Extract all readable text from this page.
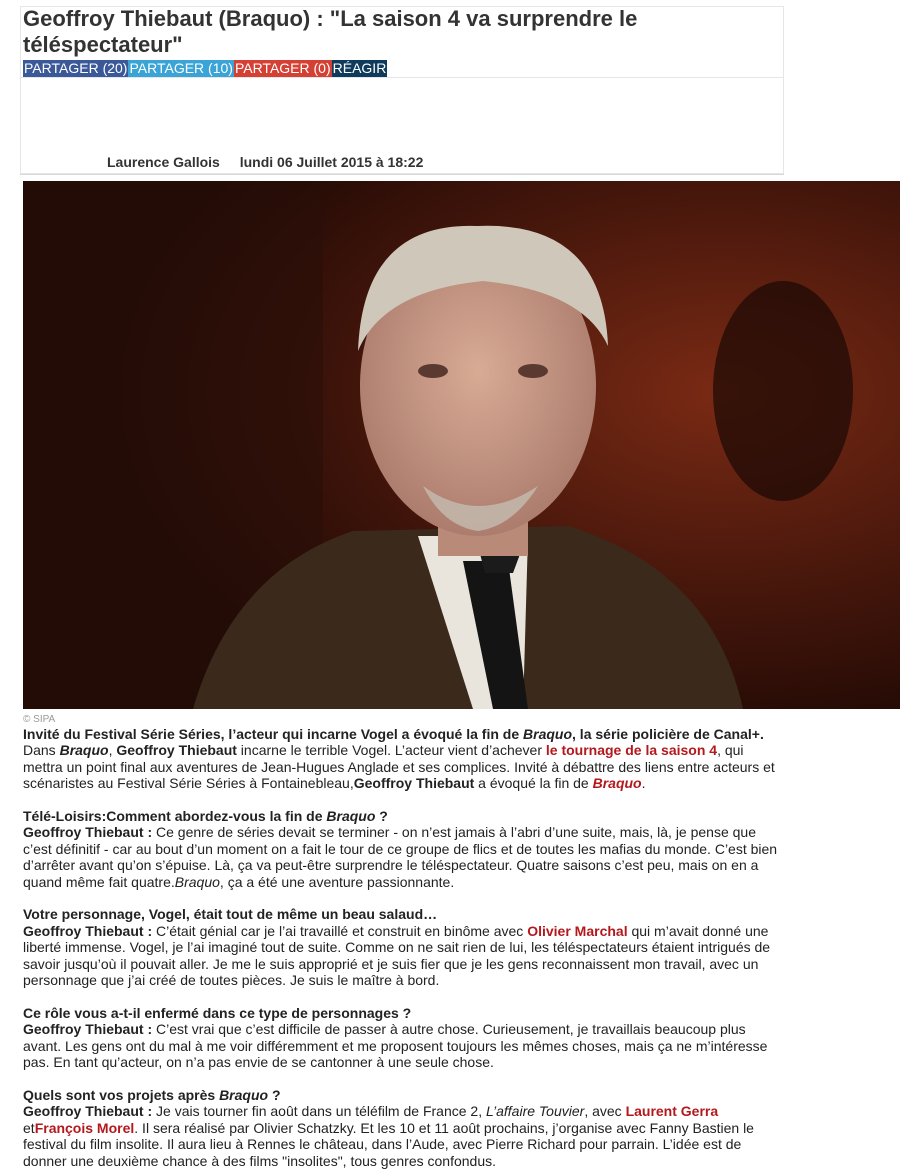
Geoffroy Thiebaut (Braquo) : "La saison 4 va surprendre le téléspectateur"
PARTAGER (20) PARTAGER (10) PARTAGER (0) RÉAGIR
Laurence Gallois lundi 06 Juillet 2015 à 18:22
© SIPA

Invité du Festival Série Séries, l’acteur qui incarne Vogel a évoqué la fin de Braquo, la série policière de Canal+.

Dans Braquo, Geoffroy Thiebaut incarne le terrible Vogel. L’acteur vient d’achever le tournage de la saison 4, qui mettra un point final aux aventures de Jean-Hugues Anglade et ses complices. Invité à débattre des liens entre acteurs et scénaristes au Festival Série Séries à Fontainebleau,Geoffroy Thiebaut a évoqué la fin de Braquo.

Télé-Loisirs:Comment abordez-vous la fin de Braquo ?

Geoffroy Thiebaut : Ce genre de séries devait se terminer - on n’est jamais à l’abri d’une suite, mais, là, je pense que c’est définitif - car au bout d’un moment on a fait le tour de ce groupe de flics et de toutes les mafias du monde. C’est bien d’arrêter avant qu’on s’épuise. Là, ça va peut-être surprendre le téléspectateur. Quatre saisons c’est peu, mais on en a quand même fait quatre.Braquo, ça a été une aventure passionnante.

Votre personnage, Vogel, était tout de même un beau salaud…

Geoffroy Thiebaut : C’était génial car je l’ai travaillé et construit en binôme avec Olivier Marchal qui m’avait donné une liberté immense. Vogel, je l’ai imaginé tout de suite. Comme on ne sait rien de lui, les téléspectateurs étaient intrigués de savoir jusqu’où il pouvait aller. Je me le suis approprié et je suis fier que je les gens reconnaissent mon travail, avec un personnage que j’ai créé de toutes pièces. Je suis le maître à bord.

Ce rôle vous a-t-il enfermé dans ce type de personnages ?

Geoffroy Thiebaut : C’est vrai que c’est difficile de passer à autre chose. Curieusement, je travaillais beaucoup plus avant. Les gens ont du mal à me voir différemment et me proposent toujours les mêmes choses, mais ça ne m’intéresse pas. En tant qu’acteur, on n’a pas envie de se cantonner à une seule chose.

Quels sont vos projets après Braquo ?

Geoffroy Thiebaut : Je vais tourner fin août dans un téléfilm de France 2, L’affaire Touvier, avec Laurent Gerra etFrançois Morel. Il sera réalisé par Olivier Schatzky. Et les 10 et 11 août prochains, j’organise avec Fanny Bastien le festival du film insolite. Il aura lieu à Rennes le château, dans l’Aude, avec Pierre Richard pour parrain. L’idée est de donner une deuxième chance à des films "insolites", tous genres confondus.
